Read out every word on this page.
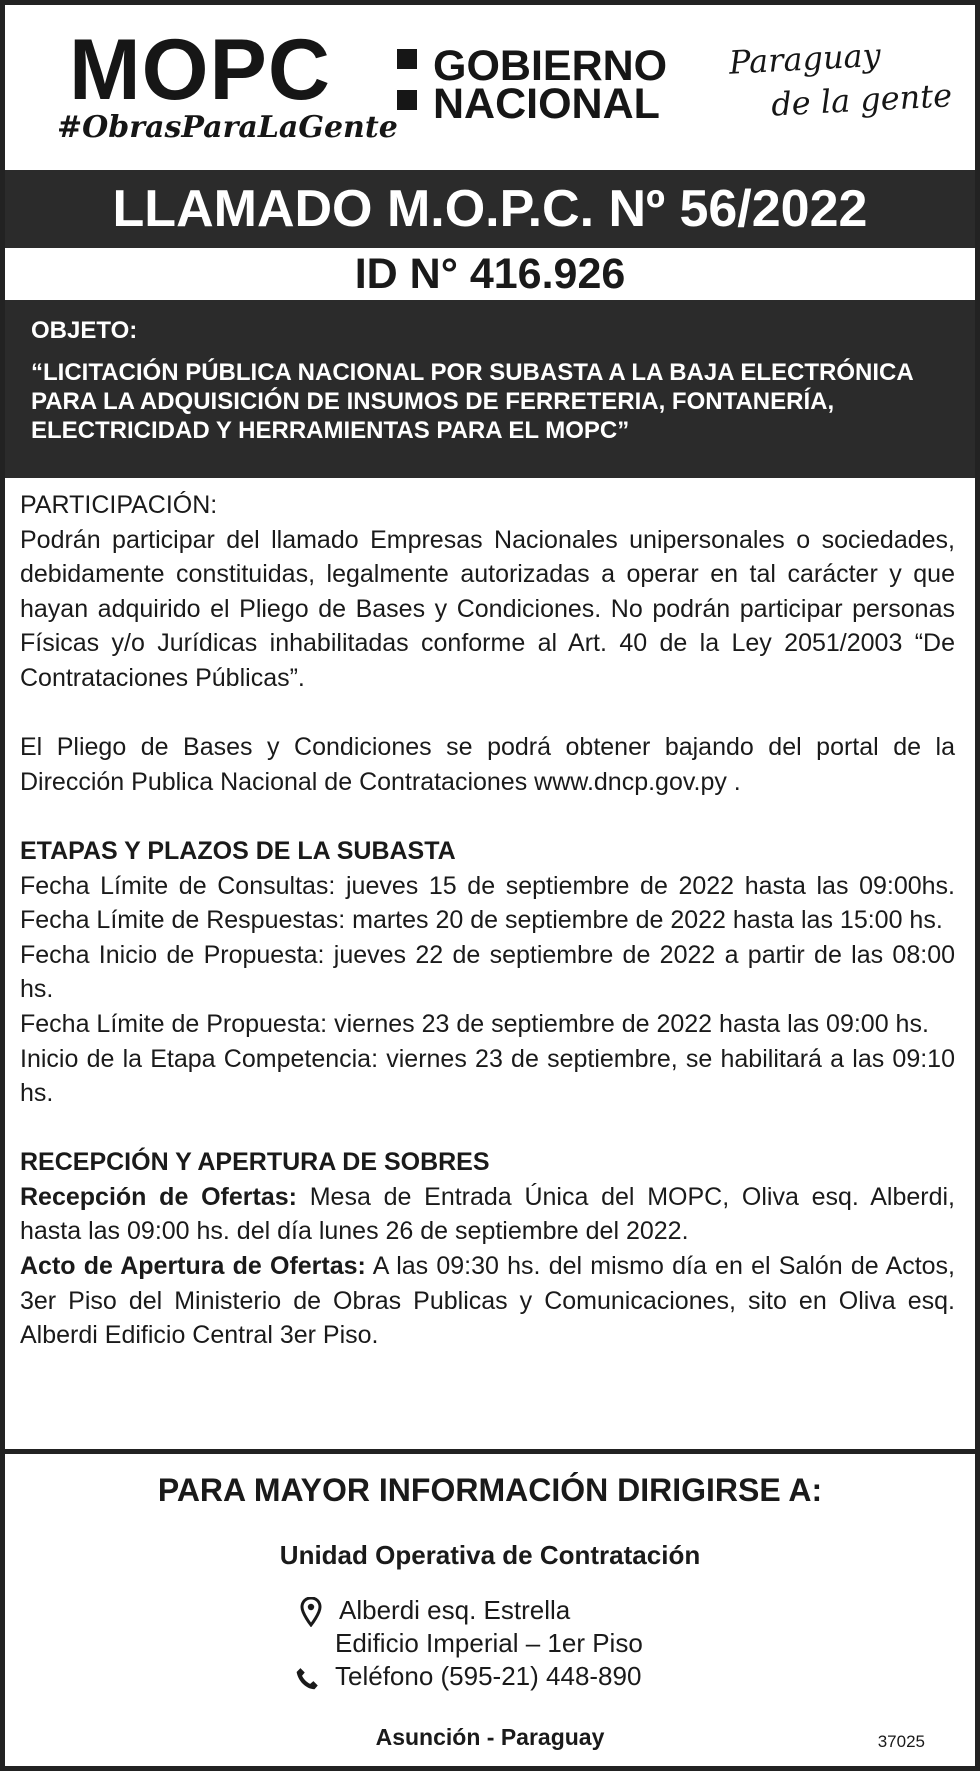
MOPC
#ObrasParaLaGente
GOBIERNO
NACIONAL
Paraguay
de la gente
LLAMADO M.O.P.C. Nº 56/2022
ID N° 416.926
OBJETO:
“LICITACIÓN PÚBLICA NACIONAL POR SUBASTA A LA BAJA ELECTRÓNICA PARA LA ADQUISICIÓN DE INSUMOS DE FERRETERIA, FONTANERÍA, ELECTRICIDAD Y HERRAMIENTAS PARA EL MOPC”

PARTICIPACIÓN:

Podrán participar del llamado Empresas Nacionales unipersonales o sociedades, debidamente constituidas, legalmente autorizadas a operar en tal carácter y que hayan adquirido el Pliego de Bases y Condiciones. No podrán participar personas Físicas y/o Jurídicas inhabilitadas conforme al Art. 40 de la Ley 2051/2003 “De Contrataciones Públicas”.

El Pliego de Bases y Condiciones se podrá obtener bajando del portal de la Dirección Publica Nacional de Contrataciones www.dncp.gov.py .

ETAPAS Y PLAZOS DE LA SUBASTA

Fecha Límite de Consultas: jueves 15 de septiembre de 2022 hasta las 09:00hs. Fecha Límite de Respuestas: martes 20 de septiembre de 2022 hasta las 15:00 hs.

Fecha Inicio de Propuesta: jueves 22 de septiembre de 2022 a partir de las 08:00 hs.

Fecha Límite de Propuesta: viernes 23 de septiembre de 2022 hasta las 09:00 hs.

Inicio de la Etapa Competencia: viernes 23 de septiembre, se habilitará a las 09:10 hs.

RECEPCIÓN Y APERTURA DE SOBRES

Recepción de Ofertas: Mesa de Entrada Única del MOPC, Oliva esq. Alberdi, hasta las 09:00 hs. del día lunes 26 de septiembre del 2022.

Acto de Apertura de Ofertas: A las 09:30 hs. del mismo día en el Salón de Actos, 3er Piso del Ministerio de Obras Publicas y Comunicaciones, sito en Oliva esq. Alberdi Edificio Central 3er Piso.

PARA MAYOR INFORMACIÓN DIRIGIRSE A:
Unidad Operativa de Contratación
Alberdi esq. Estrella
Edificio Imperial – 1er Piso
Teléfono (595-21) 448-890
Asunción - Paraguay	37025
